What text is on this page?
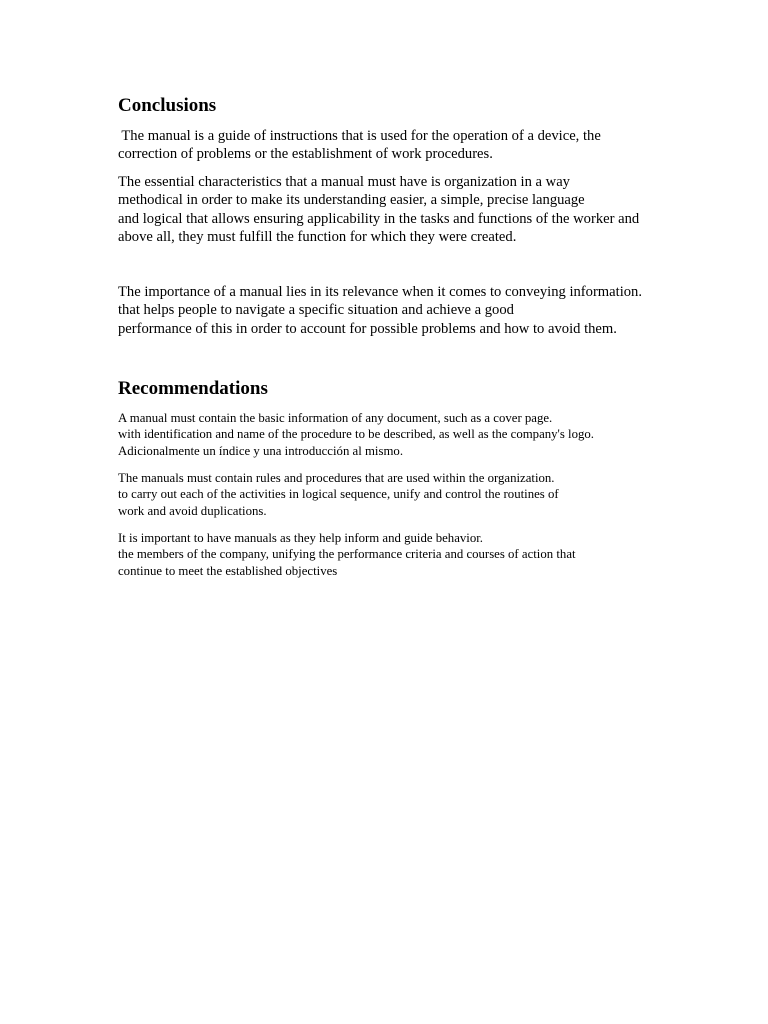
Conclusions

The manual is a guide of instructions that is used for the operation of a device, the
correction of problems or the establishment of work procedures.

The essential characteristics that a manual must have is organization in a way
methodical in order to make its understanding easier, a simple, precise language
and logical that allows ensuring applicability in the tasks and functions of the worker and
above all, they must fulfill the function for which they were created.

The importance of a manual lies in its relevance when it comes to conveying information.
that helps people to navigate a specific situation and achieve a good
performance of this in order to account for possible problems and how to avoid them.

Recommendations

A manual must contain the basic information of any document, such as a cover page.
with identification and name of the procedure to be described, as well as the company's logo.
Adicionalmente un índice y una introducción al mismo.

The manuals must contain rules and procedures that are used within the organization.
to carry out each of the activities in logical sequence, unify and control the routines of
work and avoid duplications.

It is important to have manuals as they help inform and guide behavior.
the members of the company, unifying the performance criteria and courses of action that
continue to meet the established objectives
